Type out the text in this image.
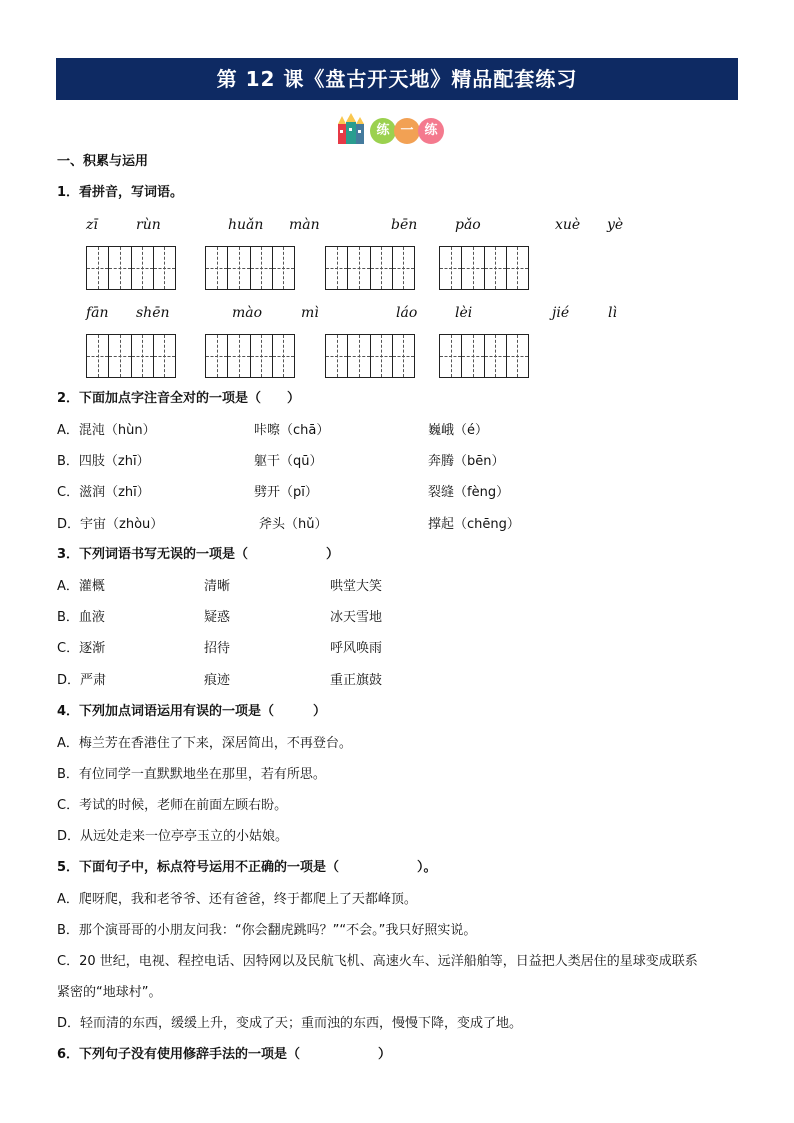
第 12 课《盘古开天地》精品配套练习
练 一 练
一、积累与运用
1．看拼音，写词语。
zī	rùn	huǎn màn	bēn	pǎo	xuè yè
fān shēn	mào	mì	láo	lèi	jié	lì
2．下面加点字注音全对的一项是（　　）
A．混沌（hùn）	咔嚓（chā）	巍峨（é）
B．四肢（zhī）	躯干（qū）	奔腾（bēn）
C．滋润（zhī）	劈开（pī）	裂缝（fèng）
D．宇宙（zhòu）	斧头（hǔ）	撑起（chēng）
3．下列词语书写无误的一项是（　　　　　　）
A．灌概	清晰	哄堂大笑
B．血液	疑惑	冰天雪地
C．逐渐	招待	呼风唤雨
D．严肃	痕迹	重正旗鼓
4．下列加点词语运用有误的一项是（　　　）
A．梅兰芳在香港住了下来，深居简出，不再登台。
B．有位同学一直默默地坐在那里，若有所思。
C．考试的时候，老师在前面左顾右盼。
D．从远处走来一位亭亭玉立的小姑娘。
5．下面句子中，标点符号运用不正确的一项是（　　　　　　）。
A．爬呀爬，我和老爷爷、还有爸爸，终于都爬上了天都峰顶。
B．那个演哥哥的小朋友问我：“你会翻虎跳吗？”“不会。”我只好照实说。
C．20 世纪，电视、程控电话、因特网以及民航飞机、高速火车、远洋船舶等，日益把人类居住的星球变成联系
紧密的“地球村”。
D．轻而清的东西，缓缓上升，变成了天；重而浊的东西，慢慢下降，变成了地。
6．下列句子没有使用修辞手法的一项是（　　　　　　）
